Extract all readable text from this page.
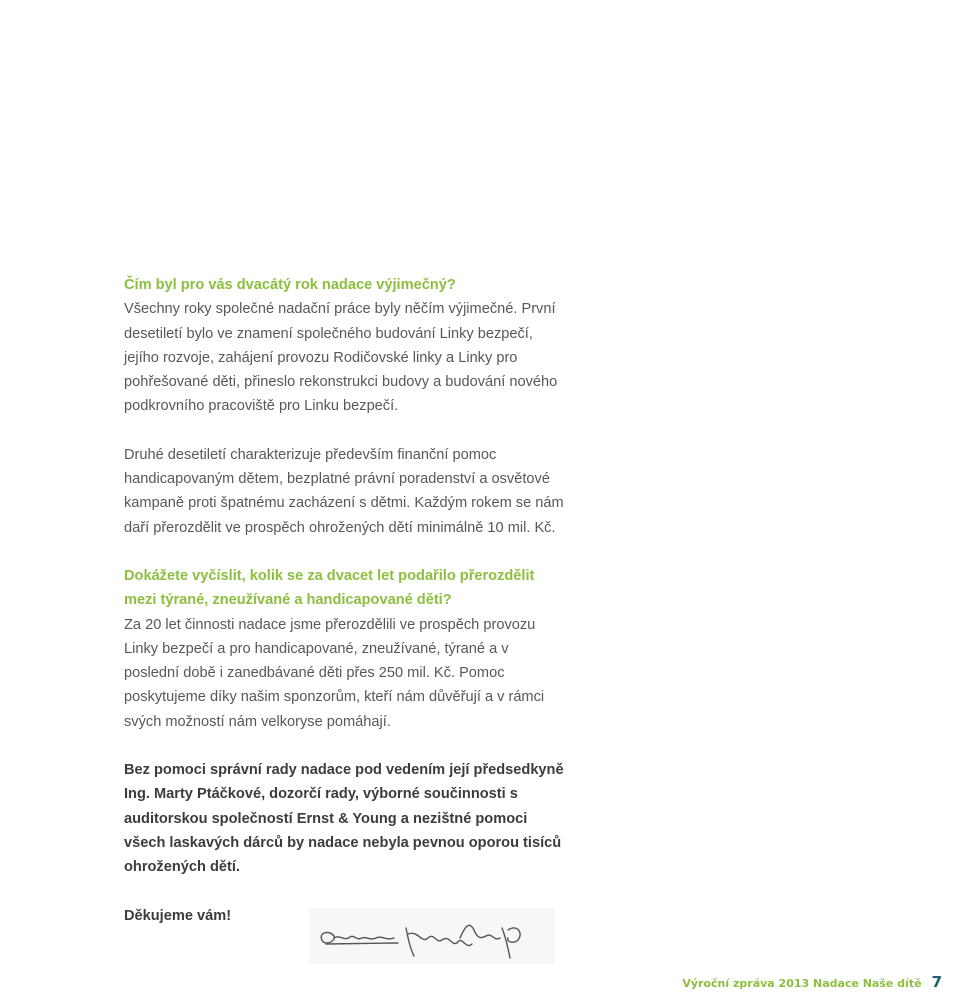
Čím byl pro vás dvacátý rok nadace výjimečný?

Všechny roky společné nadační práce byly něčím výjimečné. První desetiletí bylo ve znamení společného budování Linky bezpečí, jejího rozvoje, zahájení provozu Rodičovské linky a Linky pro pohřešované děti, přineslo rekonstrukci budovy a budování nového podkrovního pracoviště pro Linku bezpečí.

Druhé desetiletí charakterizuje především finanční pomoc handicapovaným dětem, bezplatné právní poradenství a osvětové kampaně proti špatnému zacházení s dětmi. Každým rokem se nám daří přerozdělit ve prospěch ohrožených dětí minimálně 10 mil. Kč.

Dokážete vyčíslit, kolik se za dvacet let podařilo přerozdělit mezi týrané, zneužívané a handicapované děti?

Za 20 let činnosti nadace jsme přerozdělili ve prospěch provozu Linky bezpečí a pro handicapované, zneužívané, týrané a v poslední době i zanedbávané děti přes 250 mil. Kč. Pomoc poskytujeme díky našim sponzorům, kteří nám důvěřují a v rámci svých možností nám velkoryse pomáhají.

Bez pomoci správní rady nadace pod vedením její předsedkyně Ing. Marty Ptáčkové, dozorčí rady, výborné součinnosti s auditorskou společností Ernst & Young a nezištné pomoci všech laskavých dárců by nadace nebyla pevnou oporou tisíců ohrožených dětí.

Děkujeme vám!

Výroční zpráva 2013 Nadace Naše dítě 7
